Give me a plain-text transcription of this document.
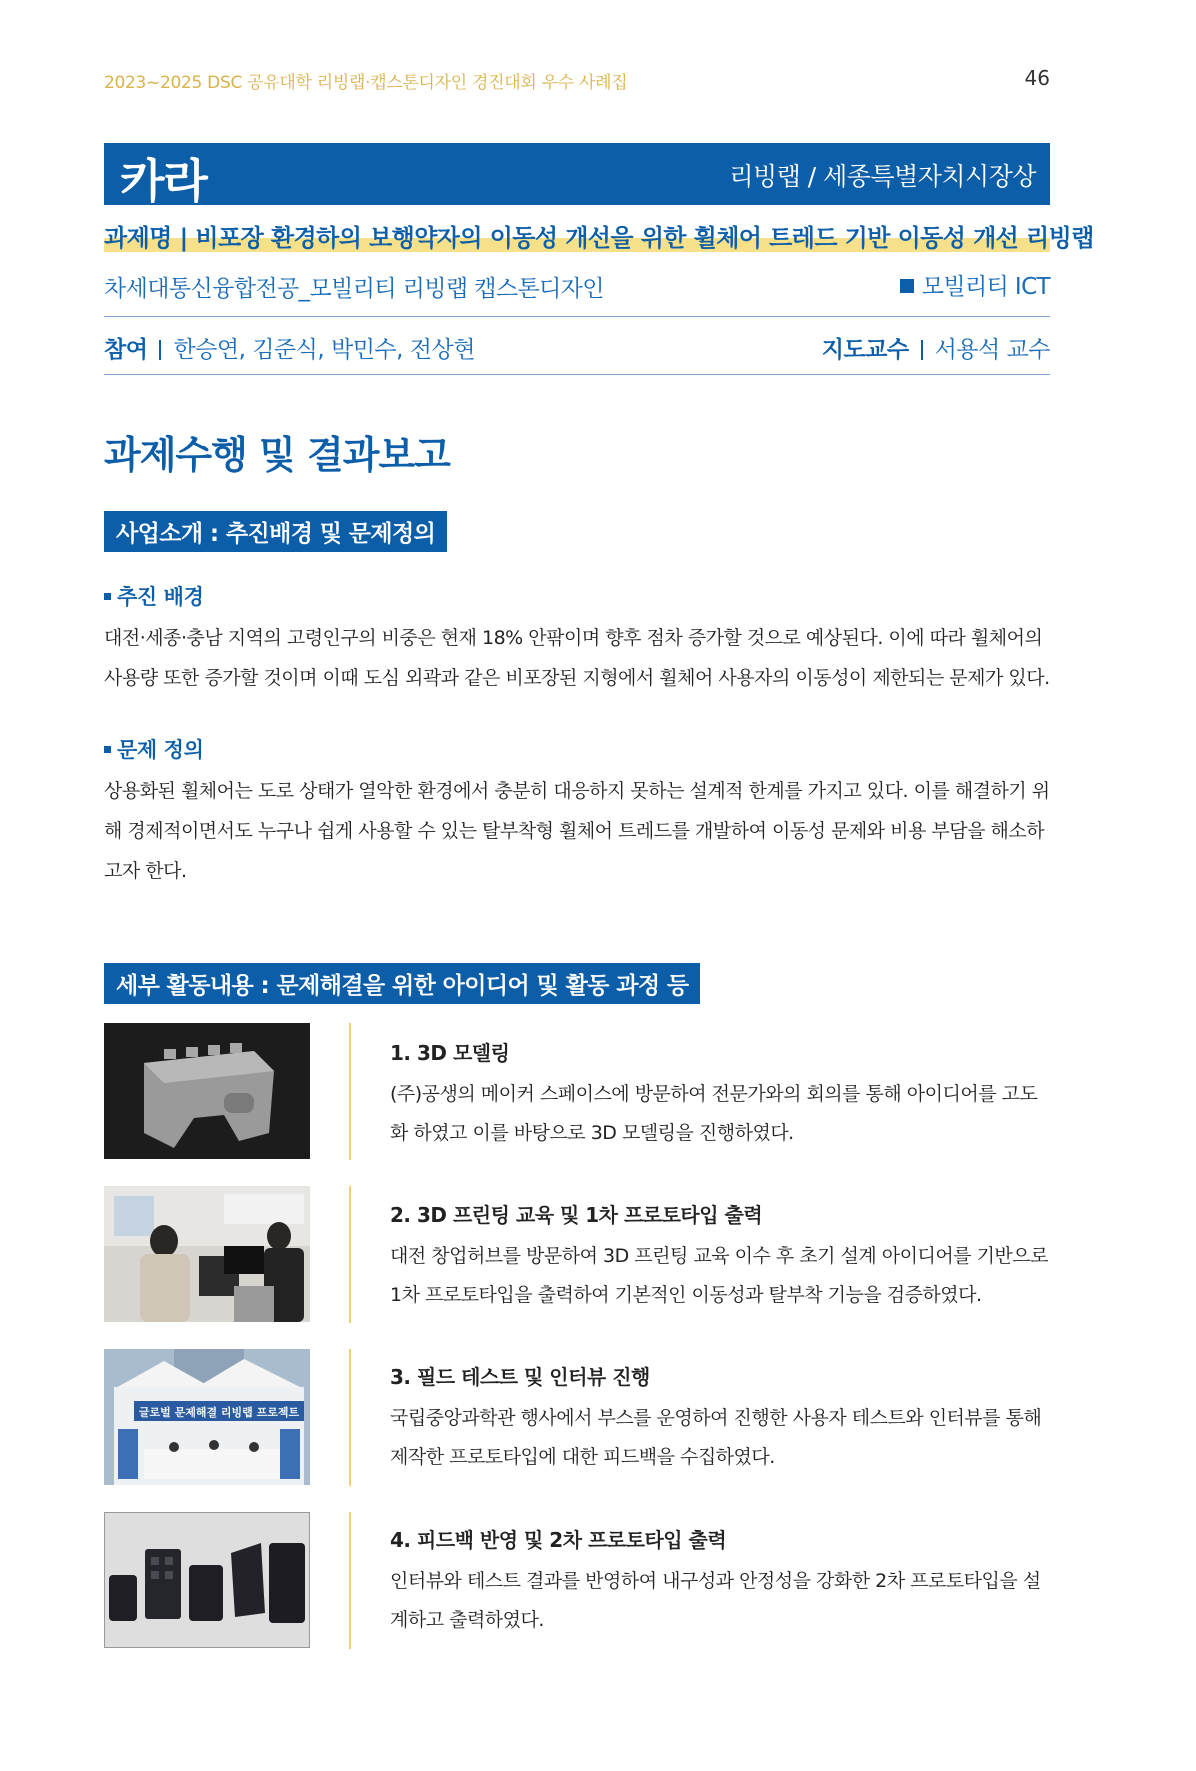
2023~2025 DSC 공유대학 리빙랩·캡스톤디자인 경진대회 우수 사례집	46
카라	리빙랩 / 세종특별자치시장상
과제명 | 비포장 환경하의 보행약자의 이동성 개선을 위한 휠체어 트레드 기반 이동성 개선 리빙랩
차세대통신융합전공_모빌리티 리빙랩 캡스톤디자인	모빌리티 ICT
참여 한승연, 김준식, 박민수, 전상현	지도교수 서용석 교수
과제수행 및 결과보고
사업소개 : 추진배경 및 문제정의
추진 배경
대전·세종·충남 지역의 고령인구의 비중은 현재 18% 안팎이며 향후 점차 증가할 것으로 예상된다. 이에 따라 휠체어의 사용량 또한 증가할 것이며 이때 도심 외곽과 같은 비포장된 지형에서 휠체어 사용자의 이동성이 제한되는 문제가 있다.
문제 정의
상용화된 휠체어는 도로 상태가 열악한 환경에서 충분히 대응하지 못하는 설계적 한계를 가지고 있다. 이를 해결하기 위해 경제적이면서도 누구나 쉽게 사용할 수 있는 탈부착형 휠체어 트레드를 개발하여 이동성 문제와 비용 부담을 해소하고자 한다.
세부 활동내용 : 문제해결을 위한 아이디어 및 활동 과정 등
1. 3D 모델링
(주)공생의 메이커 스페이스에 방문하여 전문가와의 회의를 통해 아이디어를 고도화 하였고 이를 바탕으로 3D 모델링을 진행하였다.
2. 3D 프린팅 교육 및 1차 프로토타입 출력
대전 창업허브를 방문하여 3D 프린팅 교육 이수 후 초기 설계 아이디어를 기반으로 1차 프로토타입을 출력하여 기본적인 이동성과 탈부착 기능을 검증하였다.
글로벌 문제해결 리빙랩 프로젝트
3. 필드 테스트 및 인터뷰 진행
국립중앙과학관 행사에서 부스를 운영하여 진행한 사용자 테스트와 인터뷰를 통해 제작한 프로토타입에 대한 피드백을 수집하였다.
4. 피드백 반영 및 2차 프로토타입 출력
인터뷰와 테스트 결과를 반영하여 내구성과 안정성을 강화한 2차 프로토타입을 설계하고 출력하였다.
